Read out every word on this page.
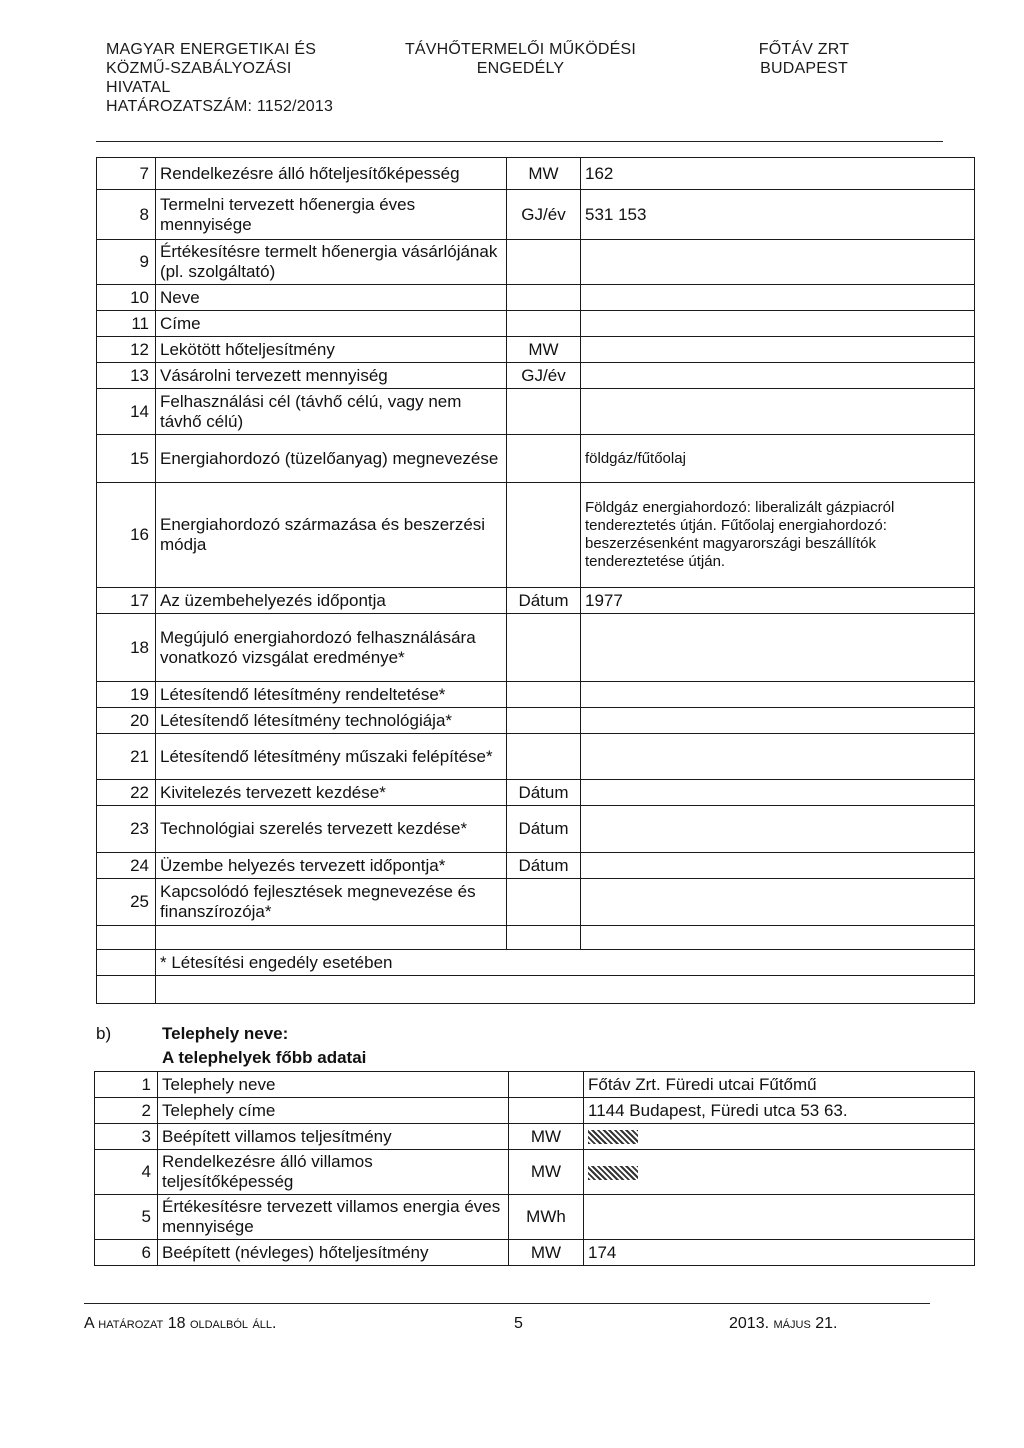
MAGYAR ENERGETIKAI ÉS
KÖZMŰ-SZABÁLYOZÁSI
HIVATAL
HATÁROZATSZÁM: 1152/2013
TÁVHŐTERMELŐI MŰKÖDÉSI
ENGEDÉLY
FŐTÁV ZRT
BUDAPEST
7	Rendelkezésre álló hőteljesítőképesség	MW	162
8	Termelni tervezett hőenergia éves mennyisége	GJ/év	531 153
9	Értékesítésre termelt hőenergia vásárlójának (pl. szolgáltató)		
10	Neve		
11	Címe		
12	Lekötött hőteljesítmény	MW	
13	Vásárolni tervezett mennyiség	GJ/év	
14	Felhasználási cél (távhő célú, vagy nem távhő célú)		
15	Energiahordozó (tüzelőanyag) megnevezése		földgáz/fűtőolaj
16	Energiahordozó származása és beszerzési módja		Földgáz energiahordozó: liberalizált gázpiacról tendereztetés útján. Fűtőolaj energiahordozó: beszerzésenként magyarországi beszállítók tendereztetése útján.
17	Az üzembehelyezés időpontja	Dátum	1977
18	Megújuló energiahordozó felhasználására vonatkozó vizsgálat eredménye*		
19	Létesítendő létesítmény rendeltetése*		
20	Létesítendő létesítmény technológiája*		
21	Létesítendő létesítmény műszaki felépítése*		
22	Kivitelezés tervezett kezdése*	Dátum	
23	Technológiai szerelés tervezett kezdése*	Dátum	
24	Üzembe helyezés tervezett időpontja*	Dátum	
25	Kapcsolódó fejlesztések megnevezése és finanszírozója*		

	* Létesítési engedély esetében		

b)	Telephely neve:
A telephelyek főbb adatai
1	Telephely neve		Főtáv Zrt. Füredi utcai Fűtőmű
2	Telephely címe		1144 Budapest, Füredi utca 53 63.
3	Beépített villamos teljesítmény	MW	
4	Rendelkezésre álló villamos teljesítőképesség	MW	
5	Értékesítésre tervezett villamos energia éves mennyisége	MWh	
6	Beépített (névleges) hőteljesítmény	MW	174
A határozat 18 oldalból áll.	5	2013. május 21.
